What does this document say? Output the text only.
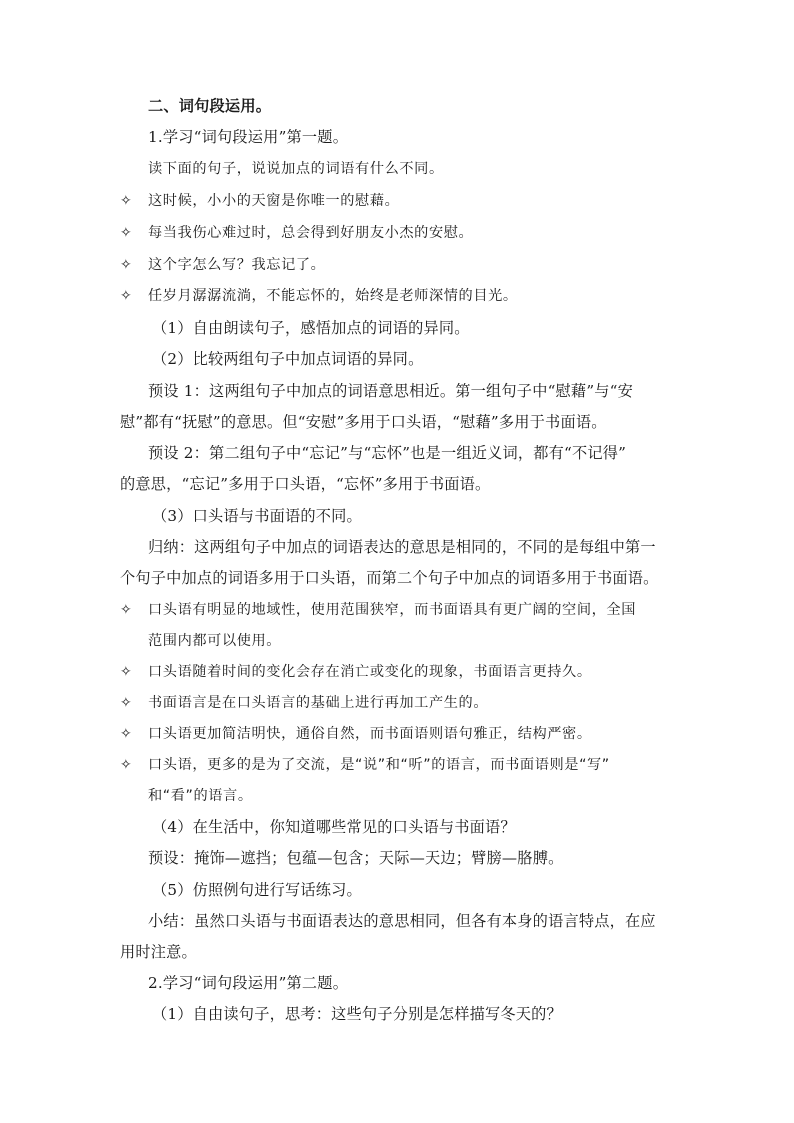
二、词句段运用。
1.学习“词句段运用”第一题。
读下面的句子，说说加点的词语有什么不同。
✧ 这时候，小小的天窗是你唯一的慰藉。
✧ 每当我伤心难过时，总会得到好朋友小杰的安慰。
✧ 这个字怎么写？我忘记了。
✧ 任岁月潺潺流淌，不能忘怀的，始终是老师深情的目光。
（1）自由朗读句子，感悟加点的词语的异同。
（2）比较两组句子中加点词语的异同。
预设 1：这两组句子中加点的词语意思相近。第一组句子中“慰藉”与“安
慰”都有“抚慰”的意思。但“安慰”多用于口头语，“慰藉”多用于书面语。
预设 2：第二组句子中“忘记”与“忘怀”也是一组近义词，都有“不记得”
的意思，“忘记”多用于口头语，“忘怀”多用于书面语。
（3）口头语与书面语的不同。
归纳：这两组句子中加点的词语表达的意思是相同的，不同的是每组中第一
个句子中加点的词语多用于口头语，而第二个句子中加点的词语多用于书面语。
✧ 口头语有明显的地域性，使用范围狭窄，而书面语具有更广阔的空间，全国
范围内都可以使用。
✧ 口头语随着时间的变化会存在消亡或变化的现象，书面语言更持久。
✧ 书面语言是在口头语言的基础上进行再加工产生的。
✧ 口头语更加简洁明快，通俗自然，而书面语则语句雅正，结构严密。
✧ 口头语，更多的是为了交流，是“说”和“听”的语言，而书面语则是“写”
和“看”的语言。
（4）在生活中，你知道哪些常见的口头语与书面语？
预设：掩饰—遮挡；包蕴—包含；天际—天边；臂膀—胳膊。
（5）仿照例句进行写话练习。
小结：虽然口头语与书面语表达的意思相同，但各有本身的语言特点，在应
用时注意。
2.学习“词句段运用”第二题。
（1）自由读句子，思考：这些句子分别是怎样描写冬天的？
